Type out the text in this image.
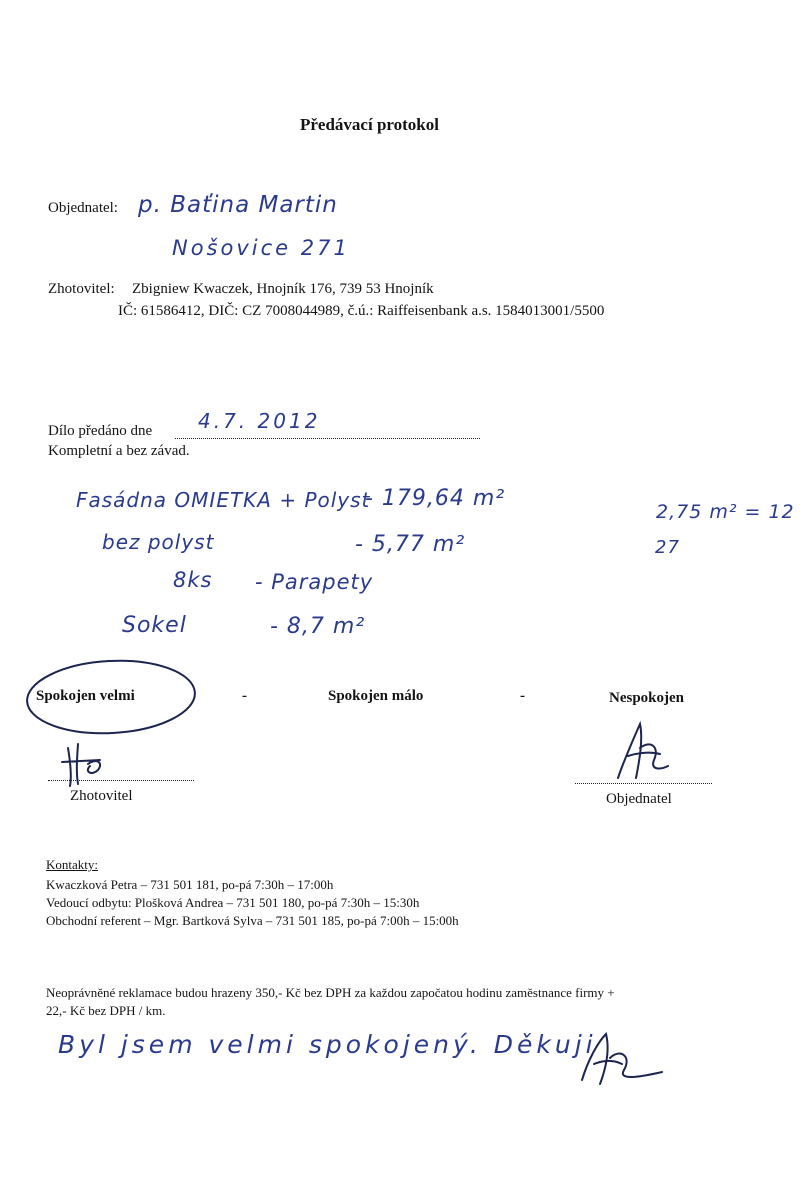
Předávací protokol
Objednatel: p. Baťina Martin
Nošovice 271
Zhotovitel: Zbigniew Kwaczek, Hnojník 176, 739 53 Hnojník
IČ: 61586412, DIČ: CZ 7008044989, č.ú.: Raiffeisenbank a.s. 1584013001/5500
Dílo předáno dne 4.7. 2012
Kompletní a bez závad.
Fasádna OMIETKA + Polyst
- 179,64 m²
bez polyst	- 5,77 m²
8ks - Parapety
Sokel	- 8,7 m²
2,75 m² = 12
27
Spokojen velmi	-	Spokojen málo	-	Nespokojen
Zhotovitel	Objednatel
Kontakty:
Kwaczková Petra – 731 501 181, po-pá 7:30h – 17:00h
Vedoucí odbytu: Plošková Andrea – 731 501 180, po-pá 7:30h – 15:30h
Obchodní referent – Mgr. Bartková Sylva – 731 501 185, po-pá 7:00h – 15:00h
Neoprávněné reklamace budou hrazeny 350,- Kč bez DPH za každou započatou hodinu zaměstnance firmy +
22,- Kč bez DPH / km.
Byl jsem velmi spokojený. Děkuji
